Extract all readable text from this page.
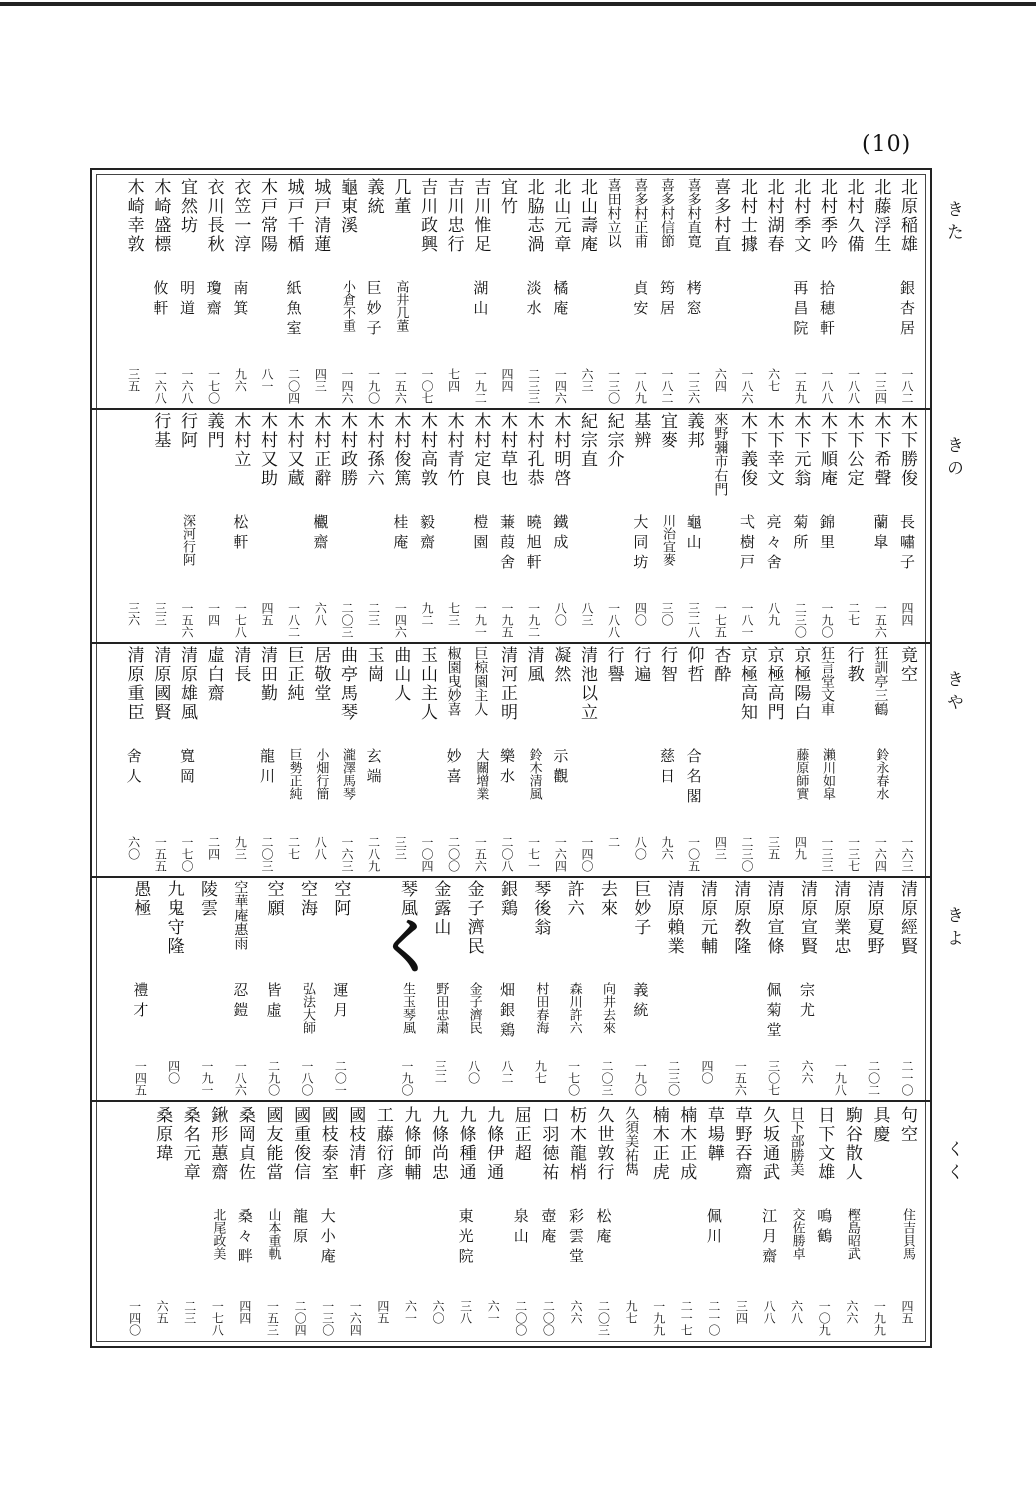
(10)
北原稲雄
銀杏居
一八二
北藤浮生
一三四
北村久備
一八八
北村季吟
拾穂軒
一八八
北村季文
再昌院
一五九
北村湖春
六七
北村士據
一八六
喜多村直
六四
喜多村直寛
栲窓
一三六
喜多村信節
筠居
一八二
喜多村正甫
貞安
一八九
喜田村立以
一三〇
北山壽庵
六三
北山元章
橘庵
一四六
北脇志渦
淡水
二三三
宜竹
四四
吉川惟足
湖山
一九二
吉川忠行
七四
吉川政興
一〇七
几董
高井几董
一五六
義統
巨妙子
一九〇
龜東溪
小倉不重
一四六
城戸清蓮
四三
城戸千楯
紙魚室
二〇四
木戸常陽
八一
衣笠一淳
南箕
九六
衣川長秋
瓊齋
一七〇
宜然坊
明道
一六八
木崎盛標
攸軒
一六八
木崎幸敦
三五
きた
木下勝俊
長嘯子
四四
木下希聲
蘭皐
一五六
木下公定
二七
木下順庵
錦里
一九〇
木下元翁
菊所
二三〇
木下幸文
亮々舍
八九
木下義俊
弌樹戸
一八一
來野彌市右門
一七五
義邦
龜山
三二八
宜麥
川治宜麥
三〇
基辨
大同坊
四〇
紀宗介
一八八
紀宗直
八三
木村明啓
鐵成
八〇
木村孔恭
曉旭軒
一九二
木村草也
蒹葭舍
一九五
木村定良
榿園
一九一
木村青竹
七三
木村高敦
毅齋
九二
木村俊篤
桂庵
一四六
木村孫六
二三
木村政勝
二〇三
木村正辭
欟齋
六八
木村又蔵
一八二
木村又助
四五
木村立
松軒
一七八
義門
一四
行阿
深河行阿
一五六
行基
三三
三六
きの
竟空
一六三
狂訓亭三鶴
鈴永春水
一六四
行教
一三七
狂言堂文車
瀨川如皐
一三三
京極陽白
藤原師實
四九
京極高門
三五
京極高知
二三〇
杏酔
四三
仰哲
合名閣
一〇五
行智
慈日
九六
行遍
八〇
行譽
二
清池以立
一四〇
凝然
示觀
一六四
清風
鈴木清風
一七一
清河正明
樂水
二〇八
巨椋園主人
大關增業
一五六
椒園曳妙喜
妙喜
二〇〇
玉山主人
一〇四
曲山人
三三
玉崗
玄端
二八九
曲亭馬琴
瀧澤馬琴
一六三
居敬堂
小畑行簡
八八
巨正純
巨勢正純
二七
清田勤
龍川
二〇三
清長
九三
虛白齋
二四
清原雄風
寬岡
一七〇
清原國賢
一五五
清原重臣
舍人
六〇
きや
清原經賢
二一〇
清原夏野
二〇二
清原業忠
一九八
清原宣賢
宗尤
六六
清原宣條
佩菊堂
三〇七
清原敎隆
一五六
清原元輔
四〇
清原賴業
二三〇
巨妙子
義統
一九〇
去來
向井去來
二〇三
許六
森川許六
一七〇
琴後翁
村田春海
九七
銀鶏
畑銀鶏
八二
金子濟民
金子濟民
八〇
金露山
野田忠粛
三二
琴風
生玉琴風
一九〇
空阿
運月
二〇一
空海
弘法大師
一八〇
空願
皆虛
二九〇
空華庵惠雨
忍鎧
一八六
陵雲
一九一
九鬼守隆
四〇
愚極
禮才
一四五
きよ
句空
住吉貝馬
四五
具慶
一九九
駒谷散人
樫島昭武
六六
日下文雄
鳴鶴
一〇九
日下部勝美
交佐勝卓
六八
久坂通武
江月齋
八八
草野吞齋
三四
草場韡
佩川
二一〇
楠木正成
二一七
楠木正虎
一九九
久須美祐雋
九七
久世敦行
松庵
二〇三
杤木龍梢
彩雲堂
六六
口羽徳祐
壺庵
二〇〇
屈正超
泉山
二〇〇
九條伊通
六一
九條種通
東光院
三八
九條尚忠
六〇
九條師輔
六一
工藤衍彦
四五
國枝清軒
一六四
國枝泰室
大小庵
一三〇
國重俊信
龍原
二〇四
國友能當
山本重軌
一五三
桑岡貞佐
桑々畔
四四
鍬形蕙齋
北尾政美
一七八
桑名元章
二三
桑原瑋
六五
一四〇
くく
く
